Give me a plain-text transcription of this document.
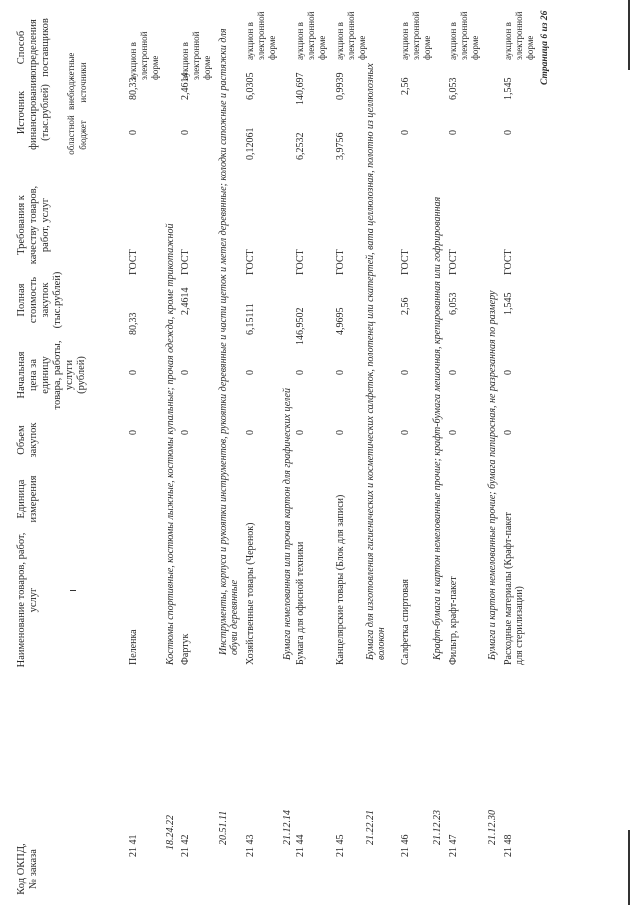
Код ОКПД, № заказа
Наименование товаров, работ, услуг
Единица измерения
Объем закупок
Начальная цена за единицу товара, работы, услуги (рублей)
Полная стоимость закупок (тыс.рублей)
Требования к качеству товаров, работ, услуг
Источник финансирования (тыс.рублей) областной бюджет
внебюджетные источники
Способ определения поставщиков
18.24.22
Костюмы спортивные, костюмы лыжные, костюмы купальные; прочая одежда, кроме трикотажной
20.51.11
Инструменты, корпуса и рукоятки инструментов, рукоятки деревянные и части щеток и метел деревянные; колодки сапожные и растяжки для обуви деревянные
21.12.14
Бумага немелованная или прочая картон для графических целей
21.22.21
Бумага для изготовления гигиенических и косметических салфеток, полотенец или скатертей, вата целлюлозная, полотно из целлюлозных волокон
21.12.23
Крафт-бумага и картон немелованные прочие; крафт-бумага мешочная, крепированная или гофрированная
21.12.30
Бумага и картон немелованные прочие; бумага папиросная, не разрезанная по размеру
21 41
Пеленка
0
0
80,33
ГОСТ
0
80,33
аукцион в электронной форме
21 42
Фартук
0
0
2,4614
ГОСТ
0
2,4614
аукцион в электронной форме
21 43
Хозяйственные товары (Черенок)
0
0
6,15111
ГОСТ
0,12061
6,0305
аукцион в электронной форме
21 44
Бумага для офисной техники
0
0
146,9502
ГОСТ
6,2532
140,697
аукцион в электронной форме
21 45
Канцелярские товары (Блок для записи)
0
0
4,9695
ГОСТ
3,9756
0,9939
аукцион в электронной форме
21 46
Салфетка спиртовая
0
0
2,56
ГОСТ
0
2,56
аукцион в электронной форме
21 47
Фильтр, крафт-пакет
0
0
6,053
ГОСТ
0
6,053
аукцион в электронной форме
21 48
Расходные материалы (Крафт-пакет для стерилизации)
0
0
1,545
ГОСТ
0
1,545
аукцион в электронной форме Страница 6 из 26
